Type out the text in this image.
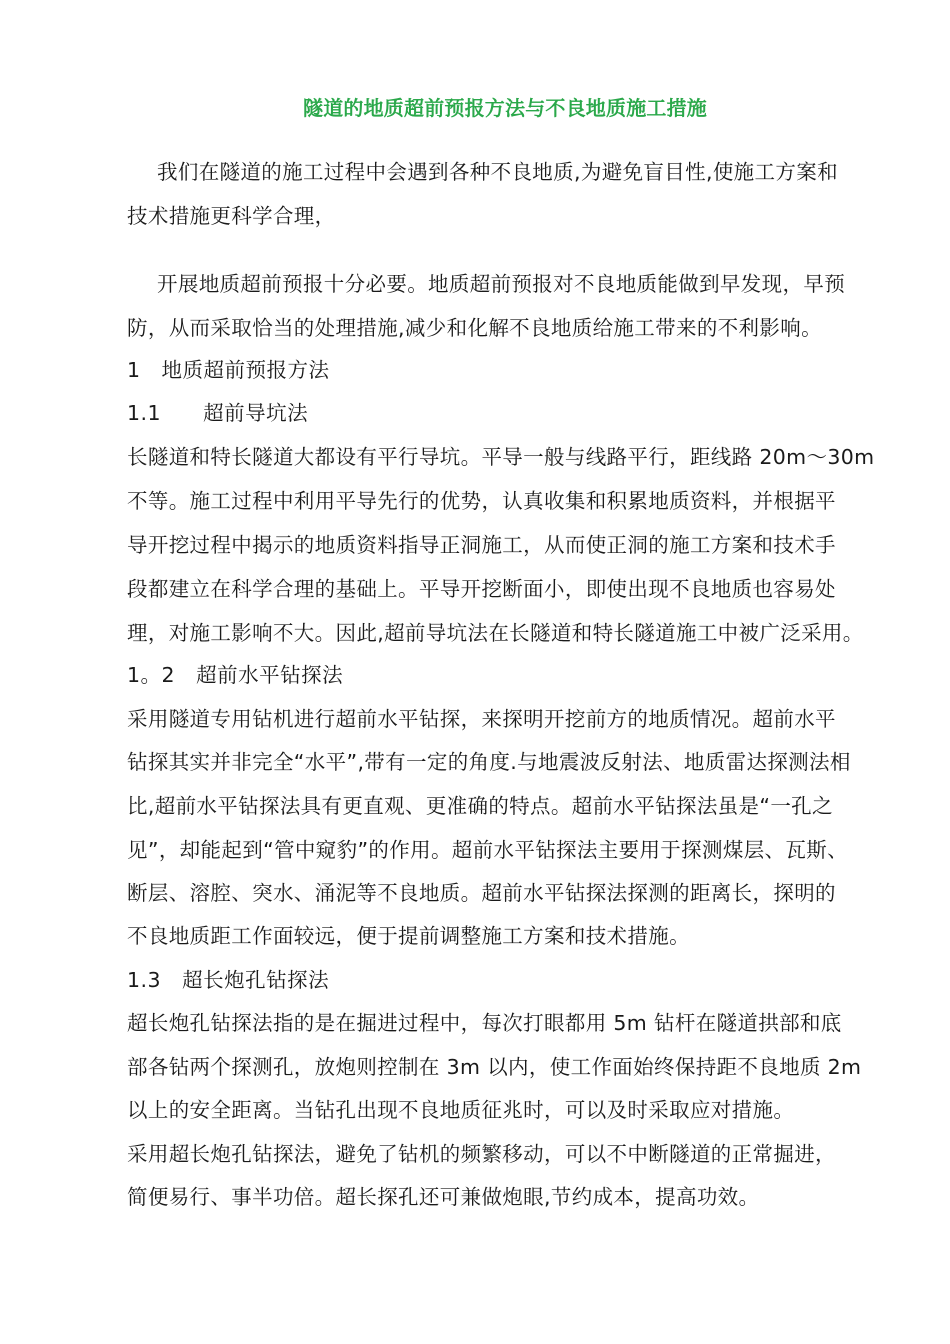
隧道的地质超前预报方法与不良地质施工措施
我们在隧道的施工过程中会遇到各种不良地质,为避免盲目性,使施工方案和
技术措施更科学合理，
开展地质超前预报十分必要。地质超前预报对不良地质能做到早发现，早预
防，从而采取恰当的处理措施,减少和化解不良地质给施工带来的不利影响。
1　地质超前预报方法
1.1　　超前导坑法
长隧道和特长隧道大都设有平行导坑。平导一般与线路平行，距线路 20m～30m
不等。施工过程中利用平导先行的优势，认真收集和积累地质资料，并根据平
导开挖过程中揭示的地质资料指导正洞施工，从而使正洞的施工方案和技术手
段都建立在科学合理的基础上。平导开挖断面小，即使出现不良地质也容易处
理，对施工影响不大。因此,超前导坑法在长隧道和特长隧道施工中被广泛采用。
1。2　超前水平钻探法
采用隧道专用钻机进行超前水平钻探，来探明开挖前方的地质情况。超前水平
钻探其实并非完全“水平”,带有一定的角度.与地震波反射法、地质雷达探测法相
比,超前水平钻探法具有更直观、更准确的特点。超前水平钻探法虽是“一孔之
见”，却能起到“管中窥豹”的作用。超前水平钻探法主要用于探测煤层、瓦斯、
断层、溶腔、突水、涌泥等不良地质。超前水平钻探法探测的距离长，探明的
不良地质距工作面较远，便于提前调整施工方案和技术措施。
1.3　超长炮孔钻探法
超长炮孔钻探法指的是在掘进过程中，每次打眼都用 5m 钻杆在隧道拱部和底
部各钻两个探测孔，放炮则控制在 3m 以内，使工作面始终保持距不良地质 2m
以上的安全距离。当钻孔出现不良地质征兆时，可以及时采取应对措施。
采用超长炮孔钻探法，避免了钻机的频繁移动，可以不中断隧道的正常掘进，
简便易行、事半功倍。超长探孔还可兼做炮眼,节约成本，提高功效。
